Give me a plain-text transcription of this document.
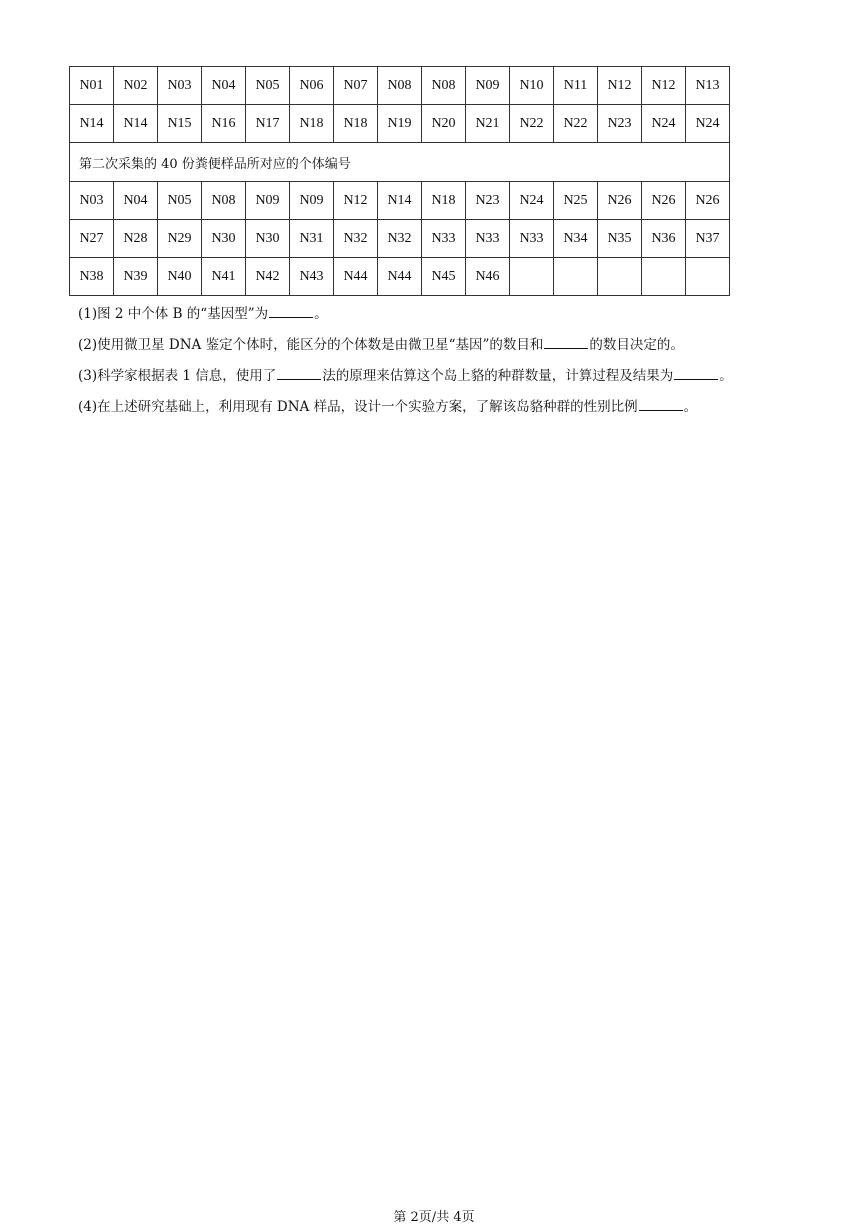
N01	N02	N03	N04	N05	N06	N07	N08	N08	N09	N10	N11	N12	N12	N13
N14	N14	N15	N16	N17	N18	N18	N19	N20	N21	N22	N22	N23	N24	N24
第二次采集的 40 份粪便样品所对应的个体编号														
N03	N04	N05	N08	N09	N09	N12	N14	N18	N23	N24	N25	N26	N26	N26
N27	N28	N29	N30	N30	N31	N32	N32	N33	N33	N33	N34	N35	N36	N37
N38	N39	N40	N41	N42	N43	N44	N44	N45	N46					
(1)图 2 中个体 B 的“基因型”为	。
(2)使用微卫星 DNA 鉴定个体时，能区分的个体数是由微卫星“基因”的数目和	的数目决定的。
(3)科学家根据表 1 信息，使用了	法的原理来估算这个岛上貉的种群数量，计算过程及结果为	。
(4)在上述研究基础上，利用现有 DNA 样品，设计一个实验方案，了解该岛貉种群的性别比例	。
第 2页/共 4页
